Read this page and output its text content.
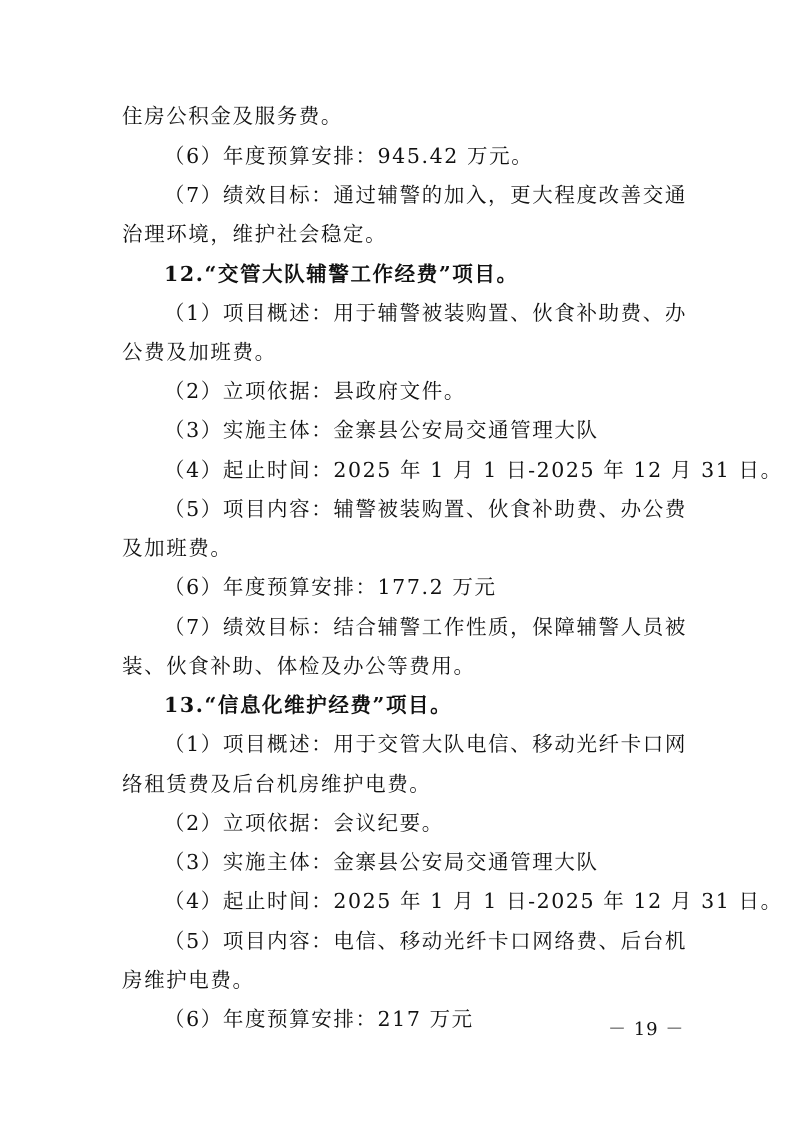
住房公积金及服务费。
（6）年度预算安排：945.42 万元。
（7）绩效目标：通过辅警的加入，更大程度改善交通
治理环境，维护社会稳定。
12.“交管大队辅警工作经费”项目。
（1）项目概述：用于辅警被装购置、伙食补助费、办
公费及加班费。
（2）立项依据：县政府文件。
（3）实施主体：金寨县公安局交通管理大队
（4）起止时间：2025 年 1 月 1 日-2025 年 12 月 31 日。
（5）项目内容：辅警被装购置、伙食补助费、办公费
及加班费。
（6）年度预算安排：177.2 万元
（7）绩效目标：结合辅警工作性质，保障辅警人员被
装、伙食补助、体检及办公等费用。
13.“信息化维护经费”项目。
（1）项目概述：用于交管大队电信、移动光纤卡口网
络租赁费及后台机房维护电费。
（2）立项依据：会议纪要。
（3）实施主体：金寨县公安局交通管理大队
（4）起止时间：2025 年 1 月 1 日-2025 年 12 月 31 日。
（5）项目内容：电信、移动光纤卡口网络费、后台机
房维护电费。
（6）年度预算安排：217 万元	－ 19 －
